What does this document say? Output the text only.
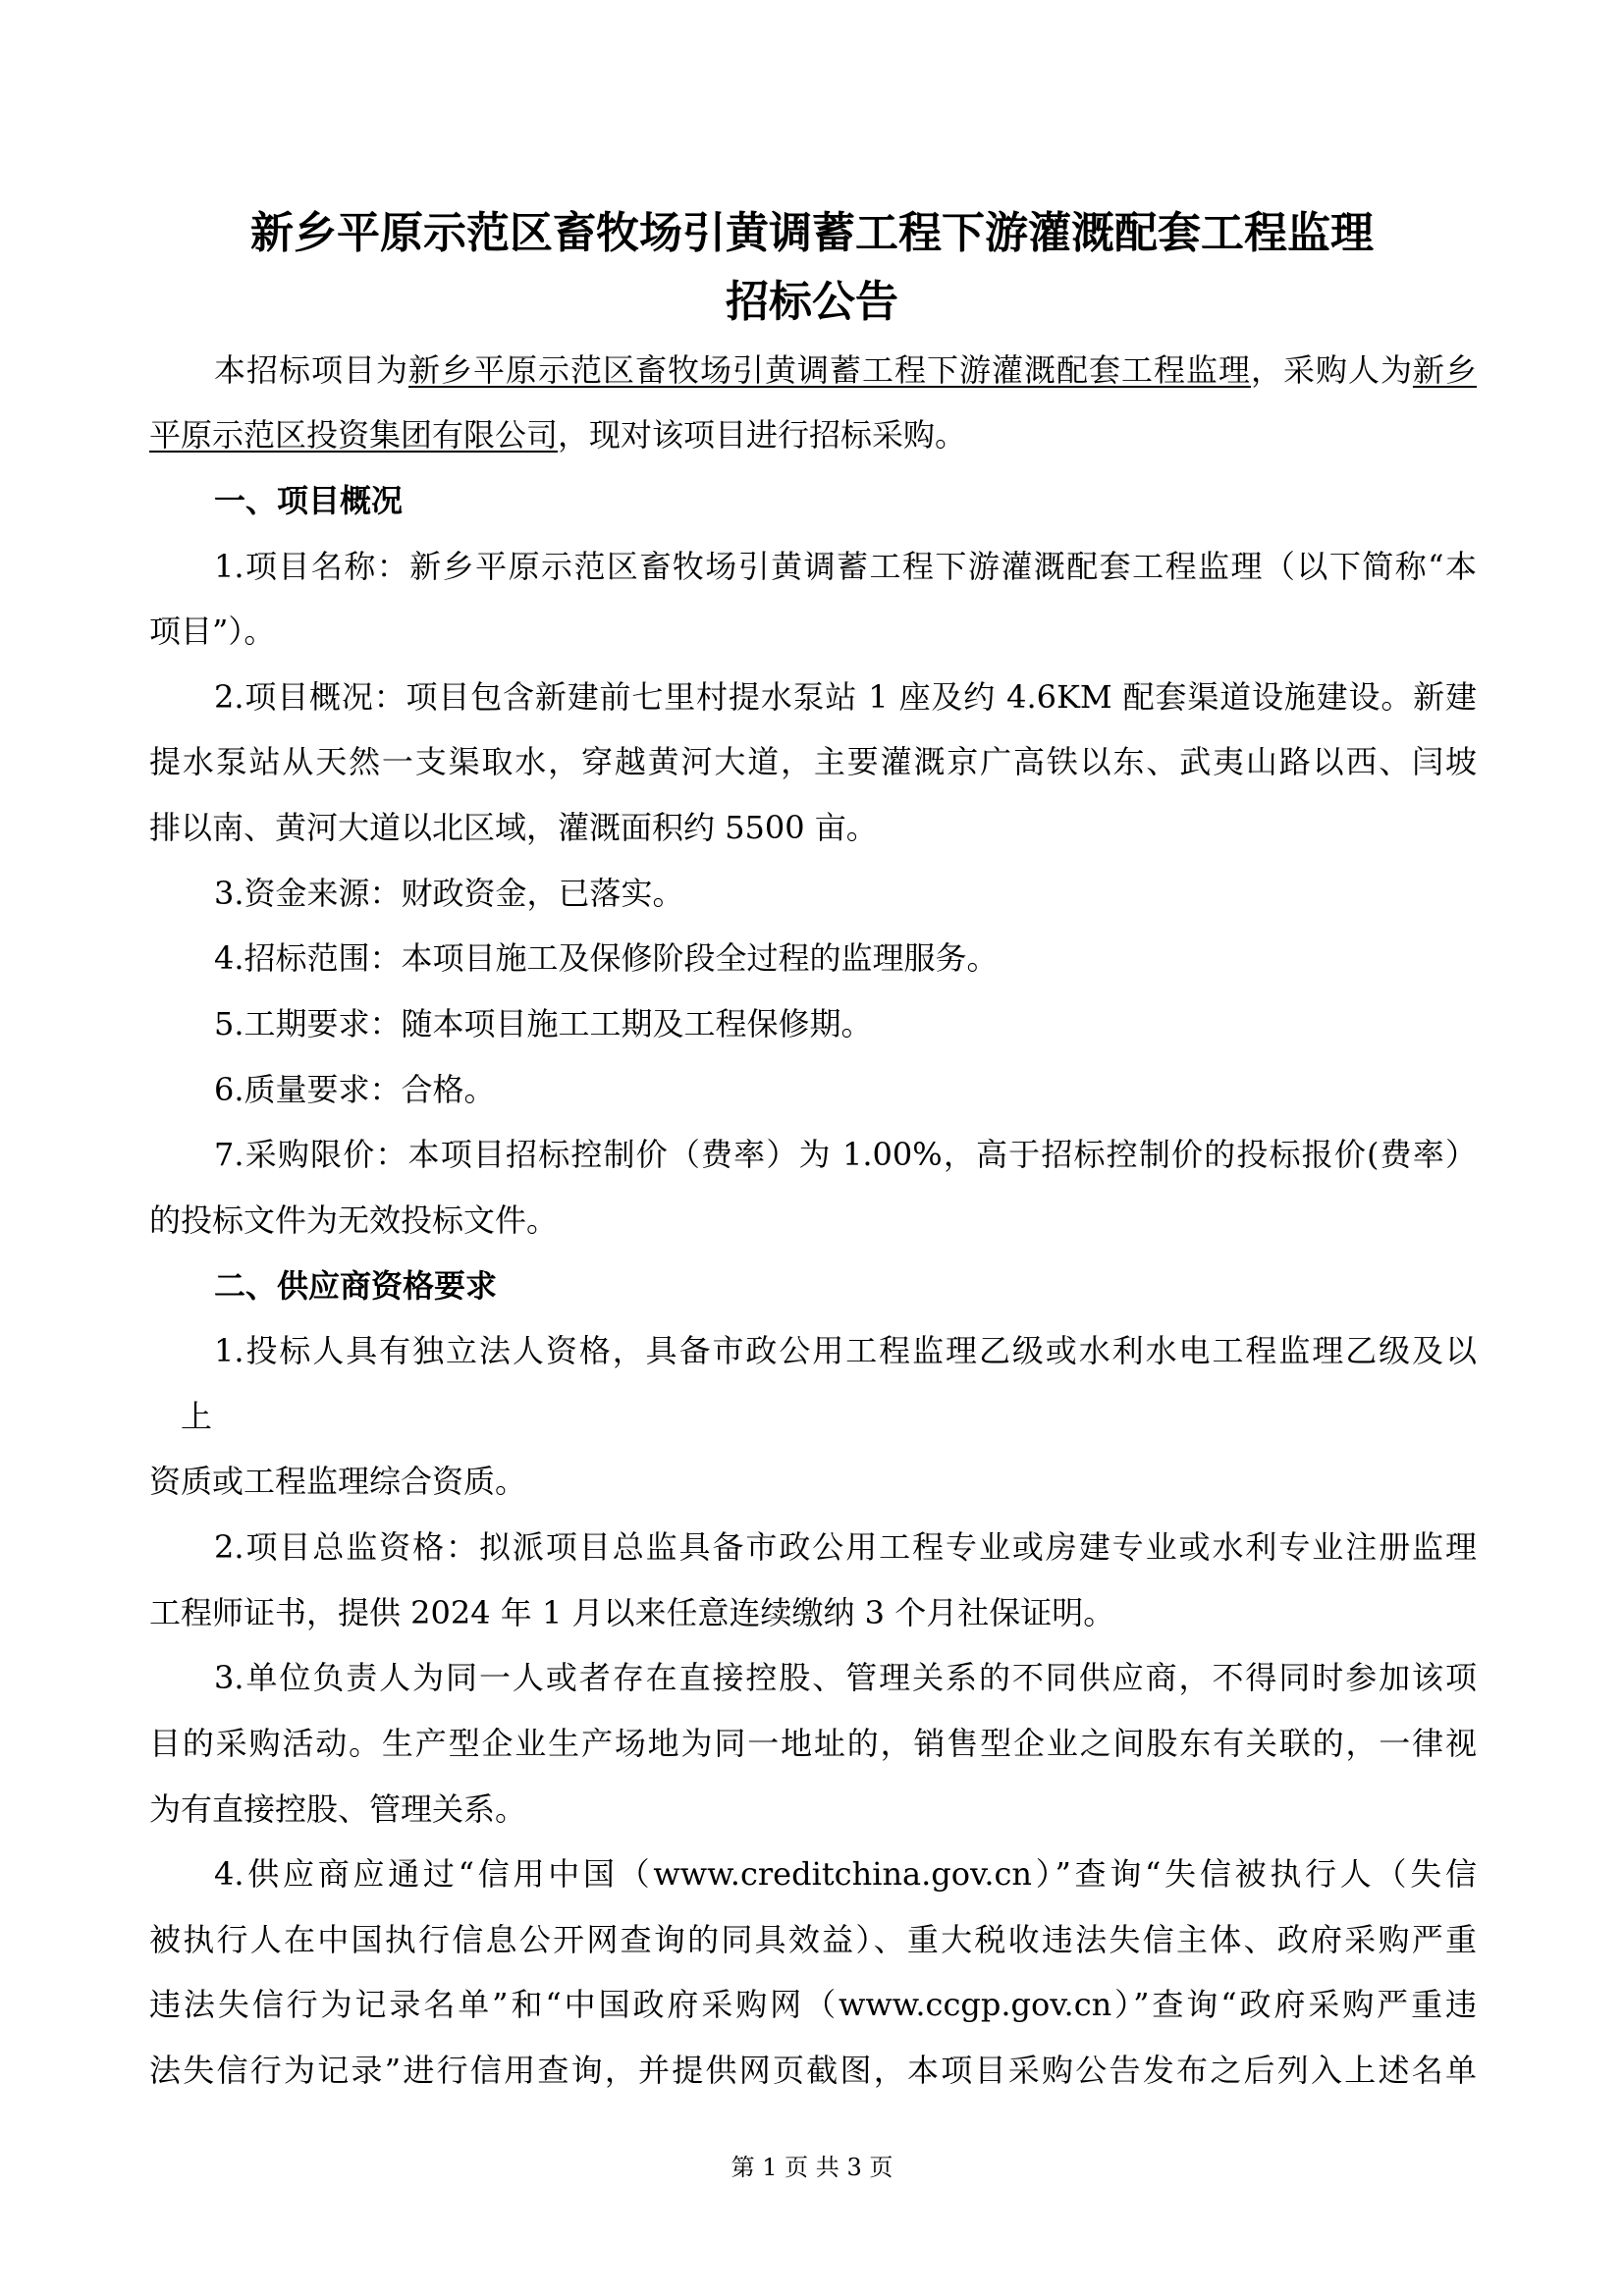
新乡平原示范区畜牧场引黄调蓄工程下游灌溉配套工程监理
招标公告
本招标项目为新乡平原示范区畜牧场引黄调蓄工程下游灌溉配套工程监理，采购人为新乡
平原示范区投资集团有限公司，现对该项目进行招标采购。
一、项目概况
1.项目名称：新乡平原示范区畜牧场引黄调蓄工程下游灌溉配套工程监理（以下简称“本
项目”）。
2.项目概况：项目包含新建前七里村提水泵站 1 座及约 4.6KM 配套渠道设施建设。新建
提水泵站从天然一支渠取水，穿越黄河大道，主要灌溉京广高铁以东、武夷山路以西、闫坡
排以南、黄河大道以北区域，灌溉面积约 5500 亩。
3.资金来源：财政资金，已落实。
4.招标范围：本项目施工及保修阶段全过程的监理服务。
5.工期要求：随本项目施工工期及工程保修期。
6.质量要求：合格。
7.采购限价：本项目招标控制价（费率）为 1.00%，高于招标控制价的投标报价(费率）
的投标文件为无效投标文件。
二、供应商资格要求
1.投标人具有独立法人资格，具备市政公用工程监理乙级或水利水电工程监理乙级及以
上
资质或工程监理综合资质。
2.项目总监资格：拟派项目总监具备市政公用工程专业或房建专业或水利专业注册监理
工程师证书，提供 2024 年 1 月以来任意连续缴纳 3 个月社保证明。
3.单位负责人为同一人或者存在直接控股、管理关系的不同供应商，不得同时参加该项
目的采购活动。生产型企业生产场地为同一地址的，销售型企业之间股东有关联的，一律视
为有直接控股、管理关系。
4.供应商应通过“信用中国（www.creditchina.gov.cn）”查询“失信被执行人（失信
被执行人在中国执行信息公开网查询的同具效益）、重大税收违法失信主体、政府采购严重
违法失信行为记录名单”和“中国政府采购网（www.ccgp.gov.cn）”查询“政府采购严重违
法失信行为记录”进行信用查询，并提供网页截图，本项目采购公告发布之后列入上述名单
第 1 页 共 3 页
